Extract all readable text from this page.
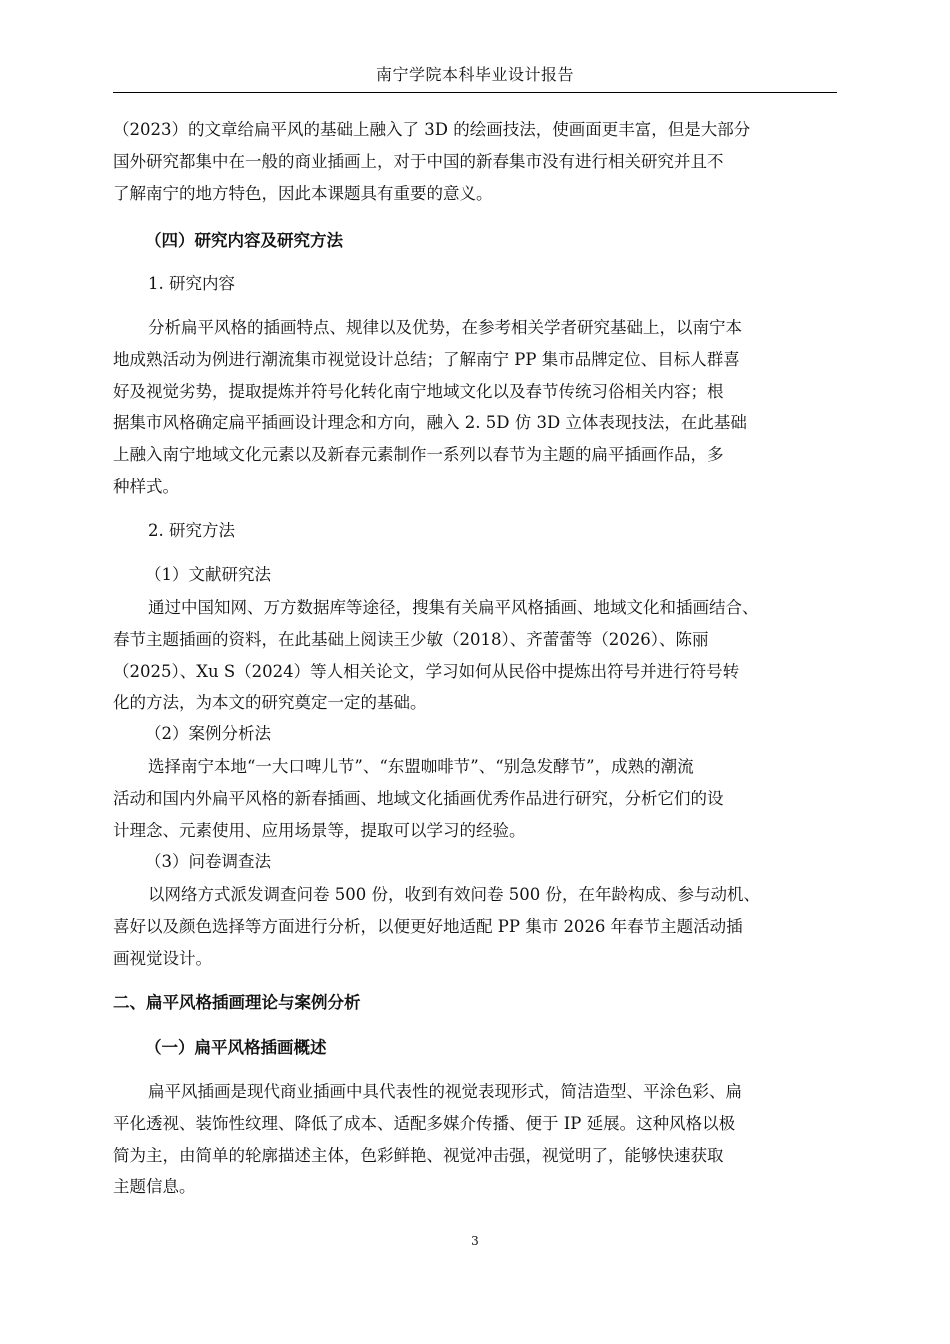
南宁学院本科毕业设计报告
（2023）的文章给扁平风的基础上融入了 3D 的绘画技法，使画面更丰富，但是大部分
国外研究都集中在一般的商业插画上，对于中国的新春集市没有进行相关研究并且不
了解南宁的地方特色，因此本课题具有重要的意义。
（四）研究内容及研究方法
1. 研究内容
分析扁平风格的插画特点、规律以及优势，在参考相关学者研究基础上，以南宁本
地成熟活动为例进行潮流集市视觉设计总结；了解南宁 PP 集市品牌定位、目标人群喜
好及视觉劣势，提取提炼并符号化转化南宁地域文化以及春节传统习俗相关内容；根
据集市风格确定扁平插画设计理念和方向，融入 2. 5D 仿 3D 立体表现技法，在此基础
上融入南宁地域文化元素以及新春元素制作一系列以春节为主题的扁平插画作品，多
种样式。
2. 研究方法
（1）文献研究法
通过中国知网、万方数据库等途径，搜集有关扁平风格插画、地域文化和插画结合、
春节主题插画的资料，在此基础上阅读王少敏（2018）、齐蕾蕾等（2026）、陈丽
（2025）、Xu S（2024）等人相关论文，学习如何从民俗中提炼出符号并进行符号转
化的方法，为本文的研究奠定一定的基础。
（2）案例分析法
选择南宁本地“一大口啤儿节”、“东盟咖啡节”、“别急发酵节”，成熟的潮流
活动和国内外扁平风格的新春插画、地域文化插画优秀作品进行研究，分析它们的设
计理念、元素使用、应用场景等，提取可以学习的经验。
（3）问卷调查法
以网络方式派发调查问卷 500 份，收到有效问卷 500 份，在年龄构成、参与动机、
喜好以及颜色选择等方面进行分析，以便更好地适配 PP 集市 2026 年春节主题活动插
画视觉设计。
二、扁平风格插画理论与案例分析
（一）扁平风格插画概述
扁平风插画是现代商业插画中具代表性的视觉表现形式，简洁造型、平涂色彩、扁
平化透视、装饰性纹理、降低了成本、适配多媒介传播、便于 IP 延展。这种风格以极
简为主，由简单的轮廓描述主体，色彩鲜艳、视觉冲击强，视觉明了，能够快速获取
主题信息。
3
